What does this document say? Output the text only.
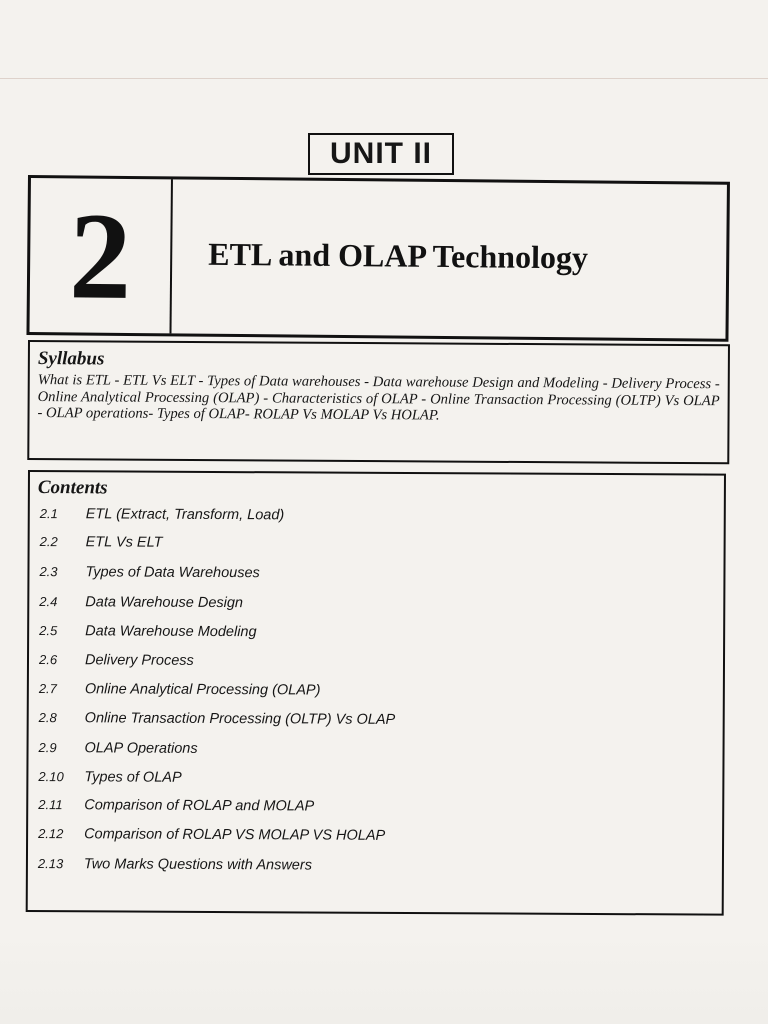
UNIT II
2	ETL and OLAP Technology

Syllabus

What is ETL - ETL Vs ELT - Types of Data warehouses - Data warehouse Design and Modeling - Delivery Process - Online Analytical Processing (OLAP) - Characteristics of OLAP - Online Transaction Processing (OLTP) Vs OLAP - OLAP operations- Types of OLAP- ROLAP Vs MOLAP Vs HOLAP.

Contents
2.1	ETL (Extract, Transform, Load)
2.2	ETL Vs ELT
2.3	Types of Data Warehouses
2.4	Data Warehouse Design
2.5	Data Warehouse Modeling
2.6	Delivery Process
2.7	Online Analytical Processing (OLAP)
2.8	Online Transaction Processing (OLTP) Vs OLAP
2.9	OLAP Operations
2.10	Types of OLAP
2.11	Comparison of ROLAP and MOLAP
2.12	Comparison of ROLAP VS MOLAP VS HOLAP
2.13	Two Marks Questions with Answers
